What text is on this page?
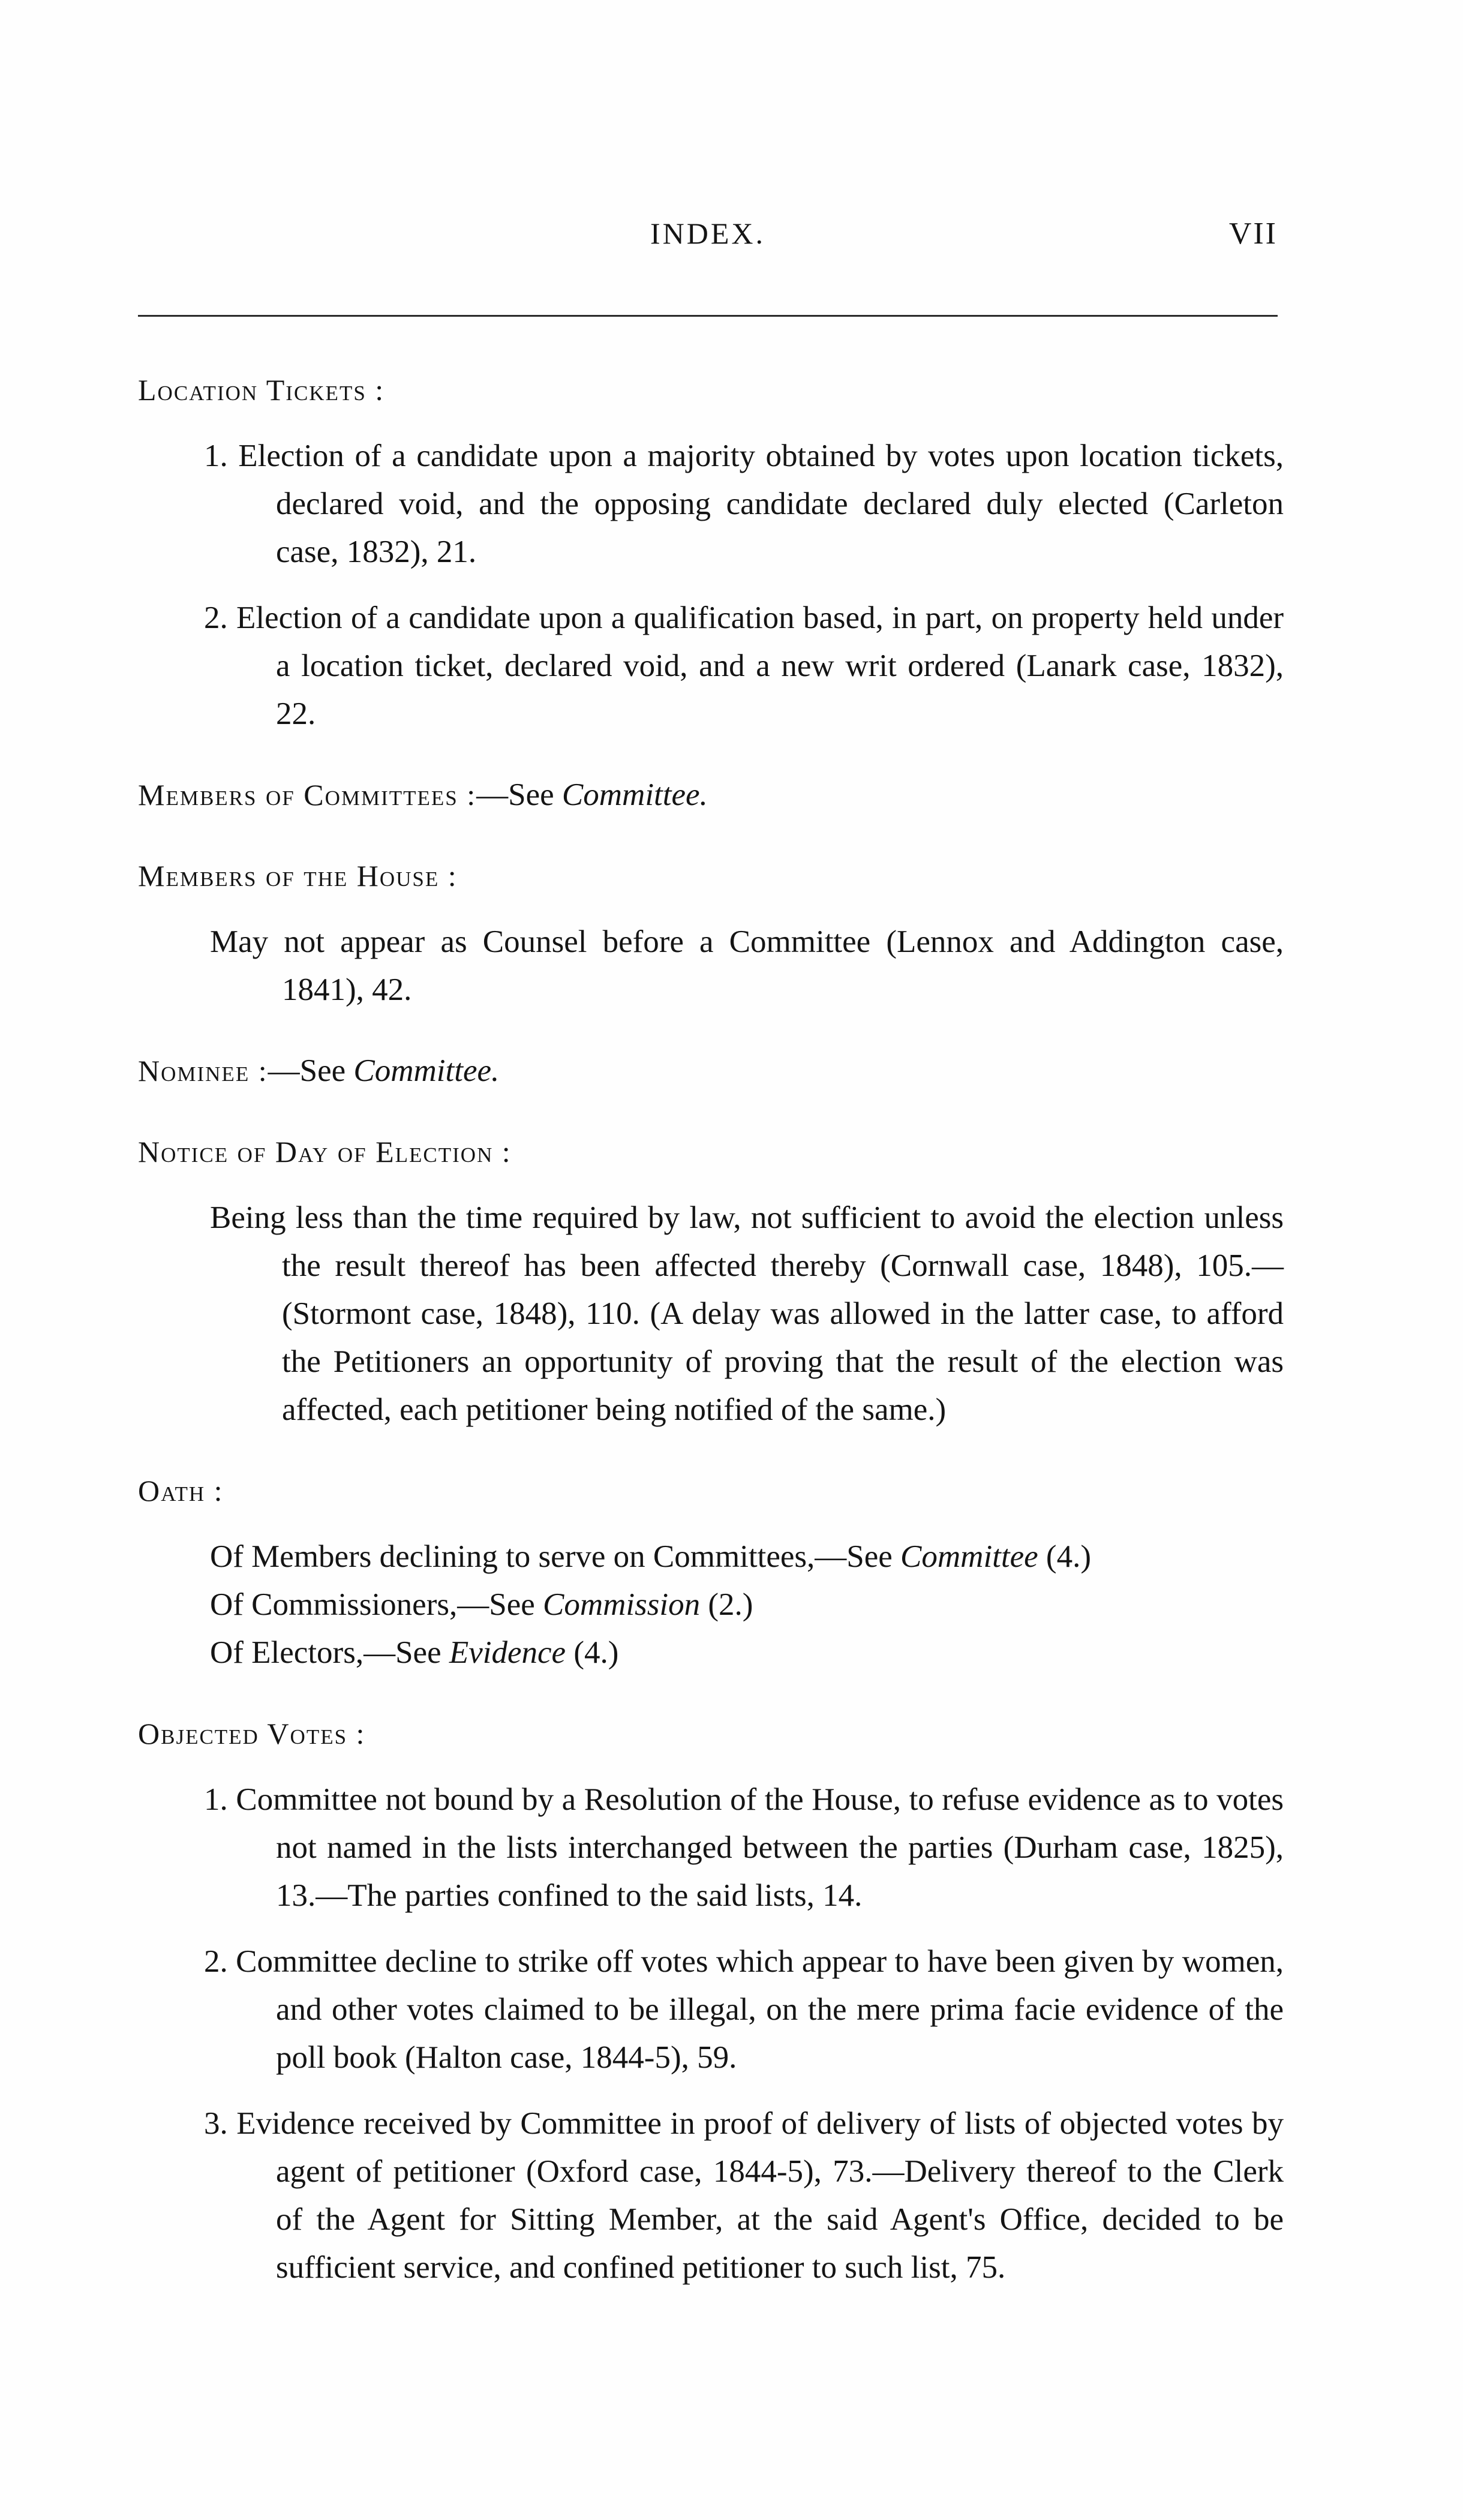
INDEX.	VII

Location Tickets :

1. Election of a candidate upon a majority obtained by votes upon location tickets, declared void, and the opposing candidate declared duly elected (Carleton case, 1832), 21.

2. Election of a candidate upon a qualification based, in part, on property held under a location ticket, declared void, and a new writ ordered (Lanark case, 1832), 22.

Members of Committees :—See Committee.

Members of the House :

May not appear as Counsel before a Committee (Lennox and Addington case, 1841), 42.

Nominee :—See Committee.

Notice of Day of Election :

Being less than the time required by law, not sufficient to avoid the election unless the result thereof has been affected thereby (Cornwall case, 1848), 105.—(Stormont case, 1848), 110. (A delay was allowed in the latter case, to afford the Petitioners an opportunity of proving that the result of the election was affected, each petitioner being notified of the same.)

Oath :

Of Members declining to serve on Committees,—See Committee (4.)

Of Commissioners,—See Commission (2.)

Of Electors,—See Evidence (4.)

Objected Votes :

1. Committee not bound by a Resolution of the House, to refuse evidence as to votes not named in the lists interchanged between the parties (Durham case, 1825), 13.—The parties confined to the said lists, 14.

2. Committee decline to strike off votes which appear to have been given by women, and other votes claimed to be illegal, on the mere prima facie evidence of the poll book (Halton case, 1844-5), 59.

3. Evidence received by Committee in proof of delivery of lists of objected votes by agent of petitioner (Oxford case, 1844-5), 73.—Delivery thereof to the Clerk of the Agent for Sitting Member, at the said Agent's Office, decided to be sufficient service, and confined petitioner to such list, 75.
